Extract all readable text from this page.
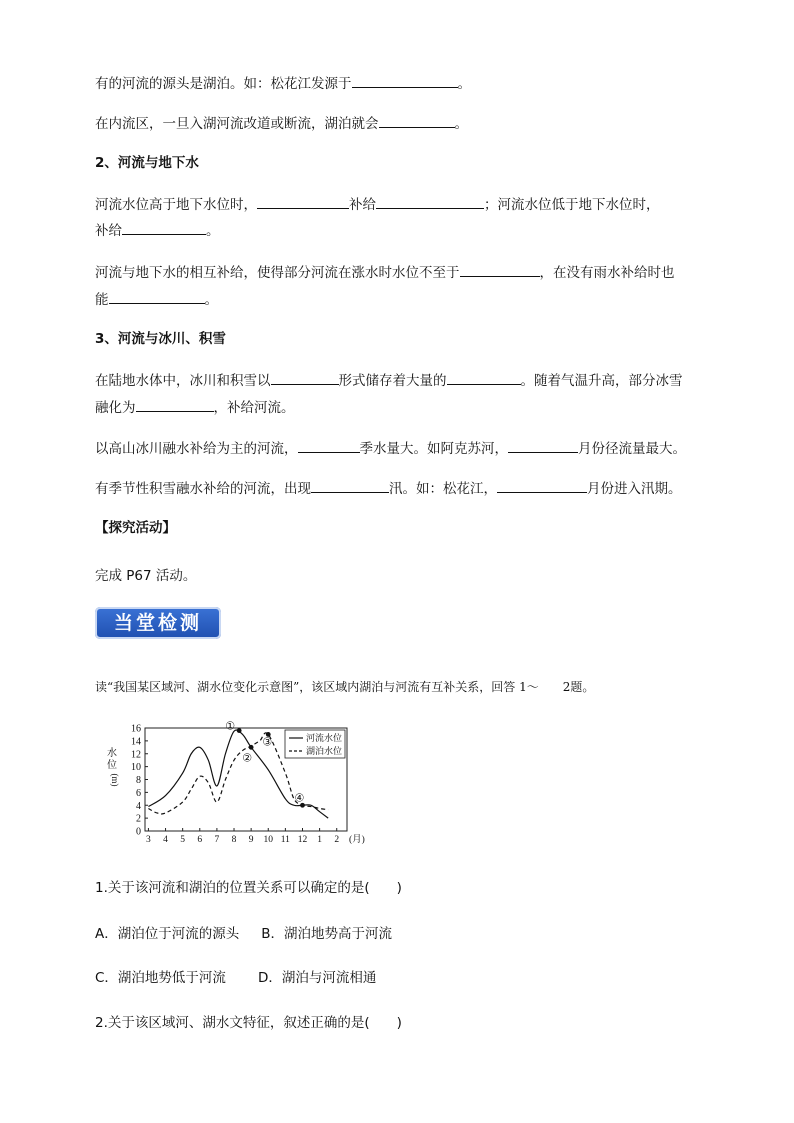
有的河流的源头是湖泊。如：松花江发源于	。
在内流区，一旦入湖河流改道或断流，湖泊就会	。
2、河流与地下水
河流水位高于地下水位时，	补给	；河流水位低于地下水位时，
补给	。
河流与地下水的相互补给，使得部分河流在涨水时水位不至于	，在没有雨水补给时也
能	。
3、河流与冰川、积雪
在陆地水体中，冰川和积雪以	形式储存着大量的	。随着气温升高，部分冰雪
融化为	，补给河流。
以高山冰川融水补给为主的河流，	季水量大。如阿克苏河，	月份径流量最大。
有季节性积雪融水补给的河流，出现	汛。如：松花江，	月份进入汛期。
【探究活动】
完成 P67 活动。
当堂检测
读“我国某区域河、湖水位变化示意图”，该区域内湖泊与河流有互补关系，回答 1～ 2题。
0
2
4
6
8
10
12
14
16
3 4 5 6 7 8 9 10 11 12 1 2 (月)
水
位
(m)
①
②
③
④
河流水位
湖泊水位
1.关于该河流和湖泊的位置关系可以确定的是(　　)
A．湖泊位于河流的源头 B．湖泊地势高于河流
C．湖泊地势低于河流 D．湖泊与河流相通
2.关于该区域河、湖水文特征，叙述正确的是(　　)
